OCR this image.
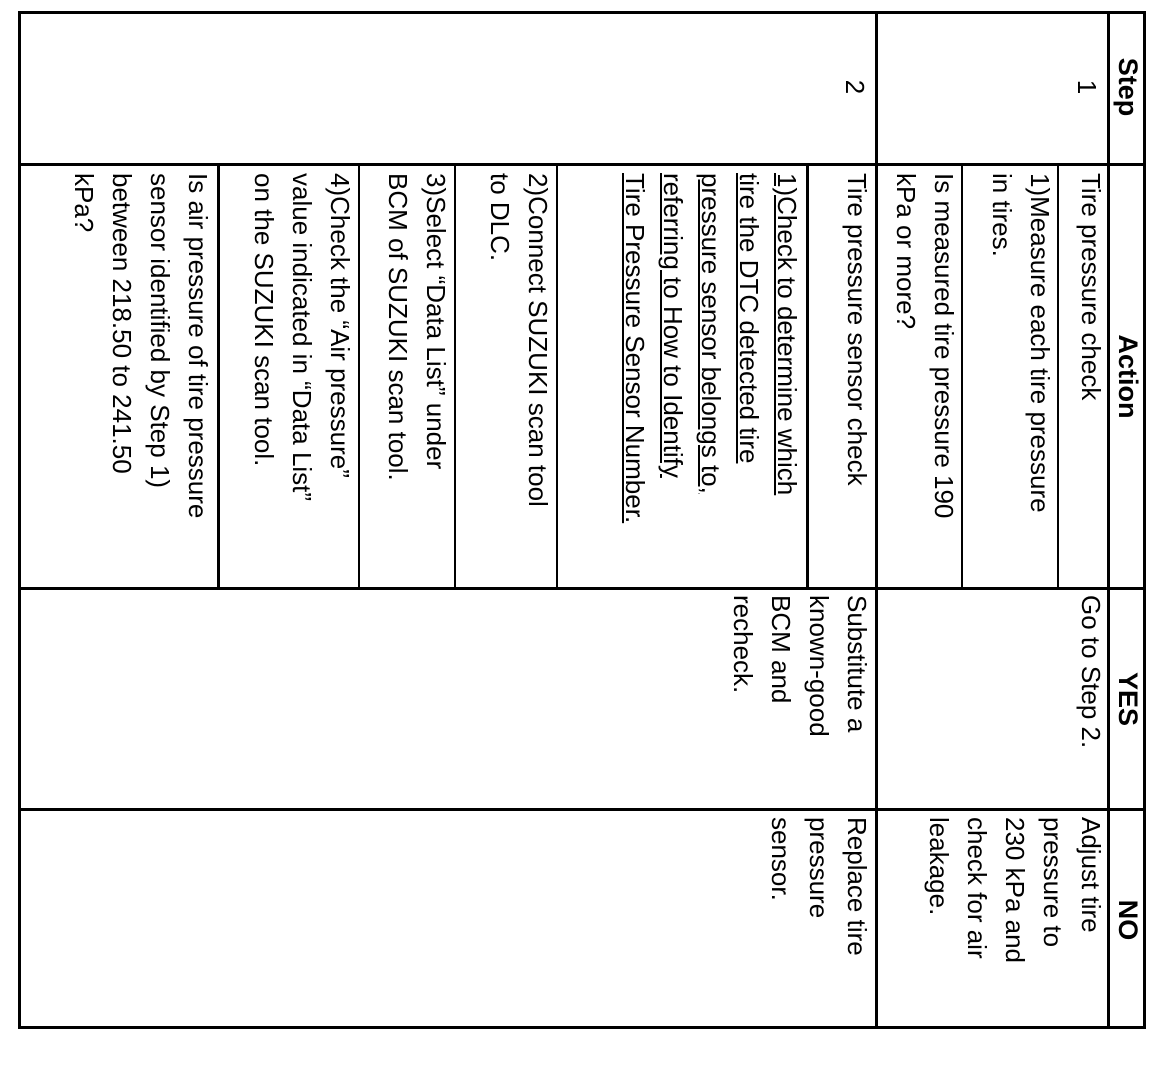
Step
Action
YES
NO
1
Tire pressure check
1)Measure each tire pressure
in tires.
Is measured tire pressure 190
kPa or more?
Go to Step 2.
Adjust tire
pressure to
230 kPa and
check for air
leakage.
2
Tire pressure sensor check
1)Check to determine which
tire the DTC detected tire
pressure sensor belongs to,
referring to How to Identify
Tire Pressure Sensor Number.
2)Connect SUZUKI scan tool
to DLC.
3)Select “Data List” under
BCM of SUZUKI scan tool.
4)Check the “Air pressure”
value indicated in “Data List”
on the SUZUKI scan tool.
Is air pressure of tire pressure
sensor identified by Step 1)
between 218.50 to 241.50
kPa?
Substitute a
known-good
BCM and
recheck.
Replace tire
pressure
sensor.
